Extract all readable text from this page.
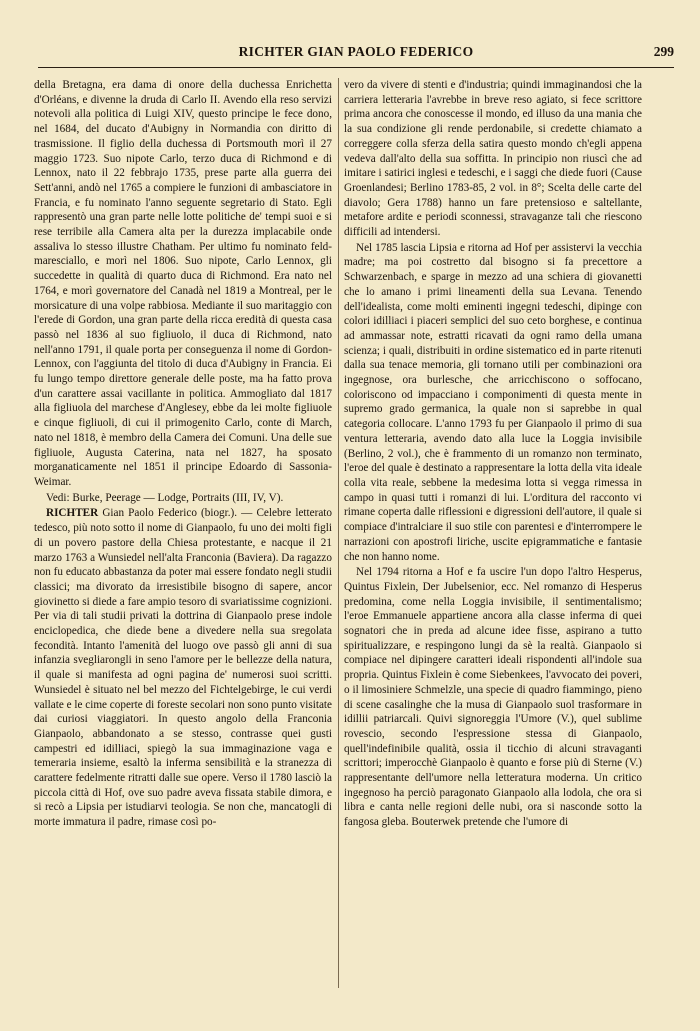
RICHTER GIAN PAOLO FEDERICO	299

della Bretagna, era dama di onore della duchessa Enrichetta d'Orléans, e divenne la druda di Carlo II. Avendo ella reso servizi notevoli alla politica di Luigi XIV, questo principe le fece dono, nel 1684, del ducato d'Aubigny in Normandia con diritto di trasmissione. Il figlio della duchessa di Portsmouth morì il 27 maggio 1723. Suo nipote Carlo, terzo duca di Richmond e di Lennox, nato il 22 febbrajo 1735, prese parte alla guerra dei Sett'anni, andò nel 1765 a compiere le funzioni di ambasciatore in Francia, e fu nominato l'anno seguente segretario di Stato. Egli rappresentò una gran parte nelle lotte politiche de' tempi suoi e si rese terribile alla Camera alta per la durezza implacabile onde assaliva lo stesso illustre Chatham. Per ultimo fu nominato feld-maresciallo, e morì nel 1806. Suo nipote, Carlo Lennox, gli succedette in qualità di quarto duca di Richmond. Era nato nel 1764, e morì governatore del Canadà nel 1819 a Montreal, per le morsicature di una volpe rabbiosa. Mediante il suo maritaggio con l'erede di Gordon, una gran parte della ricca eredità di questa casa passò nel 1836 al suo figliuolo, il duca di Richmond, nato nell'anno 1791, il quale porta per conseguenza il nome di Gordon-Lennox, con l'aggiunta del titolo di duca d'Aubigny in Francia. Ei fu lungo tempo direttore generale delle poste, ma ha fatto prova d'un carattere assai vacillante in politica. Ammogliato dal 1817 alla figliuola del marchese d'Anglesey, ebbe da lei molte figliuole e cinque figliuoli, di cui il primogenito Carlo, conte di March, nato nel 1818, è membro della Camera dei Comuni. Una delle sue figliuole, Augusta Caterina, nata nel 1827, ha sposato morganaticamente nel 1851 il principe Edoardo di Sassonia-Weimar.

Vedi: Burke, Peerage — Lodge, Portraits (III, IV, V).

RICHTER Gian Paolo Federico (biogr.). — Celebre letterato tedesco, più noto sotto il nome di Gianpaolo, fu uno dei molti figli di un povero pastore della Chiesa protestante, e nacque il 21 marzo 1763 a Wunsiedel nell'alta Franconia (Baviera). Da ragazzo non fu educato abbastanza da poter mai essere fondato negli studii classici; ma divorato da irresistibile bisogno di sapere, ancor giovinetto si diede a fare ampio tesoro di svariatissime cognizioni. Per via di tali studii privati la dottrina di Gianpaolo prese indole enciclopedica, che diede bene a divedere nella sua sregolata fecondità. Intanto l'amenità del luogo ove passò gli anni di sua infanzia svegliarongli in seno l'amore per le bellezze della natura, il quale si manifesta ad ogni pagina de' numerosi suoi scritti. Wunsiedel è situato nel bel mezzo del Fichtelgebirge, le cui verdi vallate e le cime coperte di foreste secolari non sono punto visitate dai curiosi viaggiatori. In questo angolo della Franconia Gianpaolo, abbandonato a se stesso, contrasse quei gusti campestri ed idilliaci, spiegò la sua immaginazione vaga e temeraria insieme, esaltò la inferma sensibilità e la stranezza di carattere fedelmente ritratti dalle sue opere. Verso il 1780 lasciò la piccola città di Hof, ove suo padre aveva fissata stabile dimora, e si recò a Lipsia per istudiarvi teologia. Se non che, mancatogli di morte immatura il padre, rimase così po-

vero da vivere di stenti e d'industria; quindi immaginandosi che la carriera letteraria l'avrebbe in breve reso agiato, si fece scrittore prima ancora che conoscesse il mondo, ed illuso da una mania che la sua condizione gli rende perdonabile, si credette chiamato a correggere colla sferza della satira questo mondo ch'egli appena vedeva dall'alto della sua soffitta. In principio non riuscì che ad imitare i satirici inglesi e tedeschi, e i saggi che diede fuori (Cause Groenlandesi; Berlino 1783-85, 2 vol. in 8°; Scelta delle carte del diavolo; Gera 1788) hanno un fare pretensioso e saltellante, metafore ardite e periodi sconnessi, stravaganze tali che riescono difficili ad intendersi.

Nel 1785 lascia Lipsia e ritorna ad Hof per assistervi la vecchia madre; ma poi costretto dal bisogno si fa precettore a Schwarzenbach, e sparge in mezzo ad una schiera di giovanetti che lo amano i primi lineamenti della sua Levana. Tenendo dell'idealista, come molti eminenti ingegni tedeschi, dipinge con colori idilliaci i piaceri semplici del suo ceto borghese, e continua ad ammassar note, estratti ricavati da ogni ramo della umana scienza; i quali, distribuiti in ordine sistematico ed in parte ritenuti dalla sua tenace memoria, gli tornano utili per combinazioni ora ingegnose, ora burlesche, che arricchiscono o soffocano, coloriscono od impacciano i componimenti di questa mente in supremo grado germanica, la quale non si saprebbe in qual categoria collocare. L'anno 1793 fu per Gianpaolo il primo di sua ventura letteraria, avendo dato alla luce la Loggia invisibile (Berlino, 2 vol.), che è frammento di un romanzo non terminato, l'eroe del quale è destinato a rappresentare la lotta della vita ideale colla vita reale, sebbene la medesima lotta si vegga rimessa in campo in quasi tutti i romanzi di lui. L'orditura del racconto vi rimane coperta dalle riflessioni e digressioni dell'autore, il quale si compiace d'intralciare il suo stile con parentesi e d'interrompere le narrazioni con apostrofi liriche, uscite epigrammatiche e fantasie che non hanno nome.

Nel 1794 ritorna a Hof e fa uscire l'un dopo l'altro Hesperus, Quintus Fixlein, Der Jubelsenior, ecc. Nel romanzo di Hesperus predomina, come nella Loggia invisibile, il sentimentalismo; l'eroe Emmanuele appartiene ancora alla classe inferma di quei sognatori che in preda ad alcune idee fisse, aspirano a tutto spiritualizzare, e respingono lungi da sè la realtà. Gianpaolo si compiace nel dipingere caratteri ideali rispondenti all'indole sua propria. Quintus Fixlein è come Siebenkees, l'avvocato dei poveri, o il limosiniere Schmelzle, una specie di quadro fiammingo, pieno di scene casalinghe che la musa di Gianpaolo suol trasformare in idillii patriarcali. Quivi signoreggia l'Umore (V.), quel sublime rovescio, secondo l'espressione stessa di Gianpaolo, quell'indefinibile qualità, ossia il ticchio di alcuni stravaganti scrittori; imperocchè Gianpaolo è quanto e forse più di Sterne (V.) rappresentante dell'umore nella letteratura moderna. Un critico ingegnoso ha perciò paragonato Gianpaolo alla lodola, che ora si libra e canta nelle regioni delle nubi, ora si nasconde sotto la fangosa gleba. Bouterwek pretende che l'umore di
